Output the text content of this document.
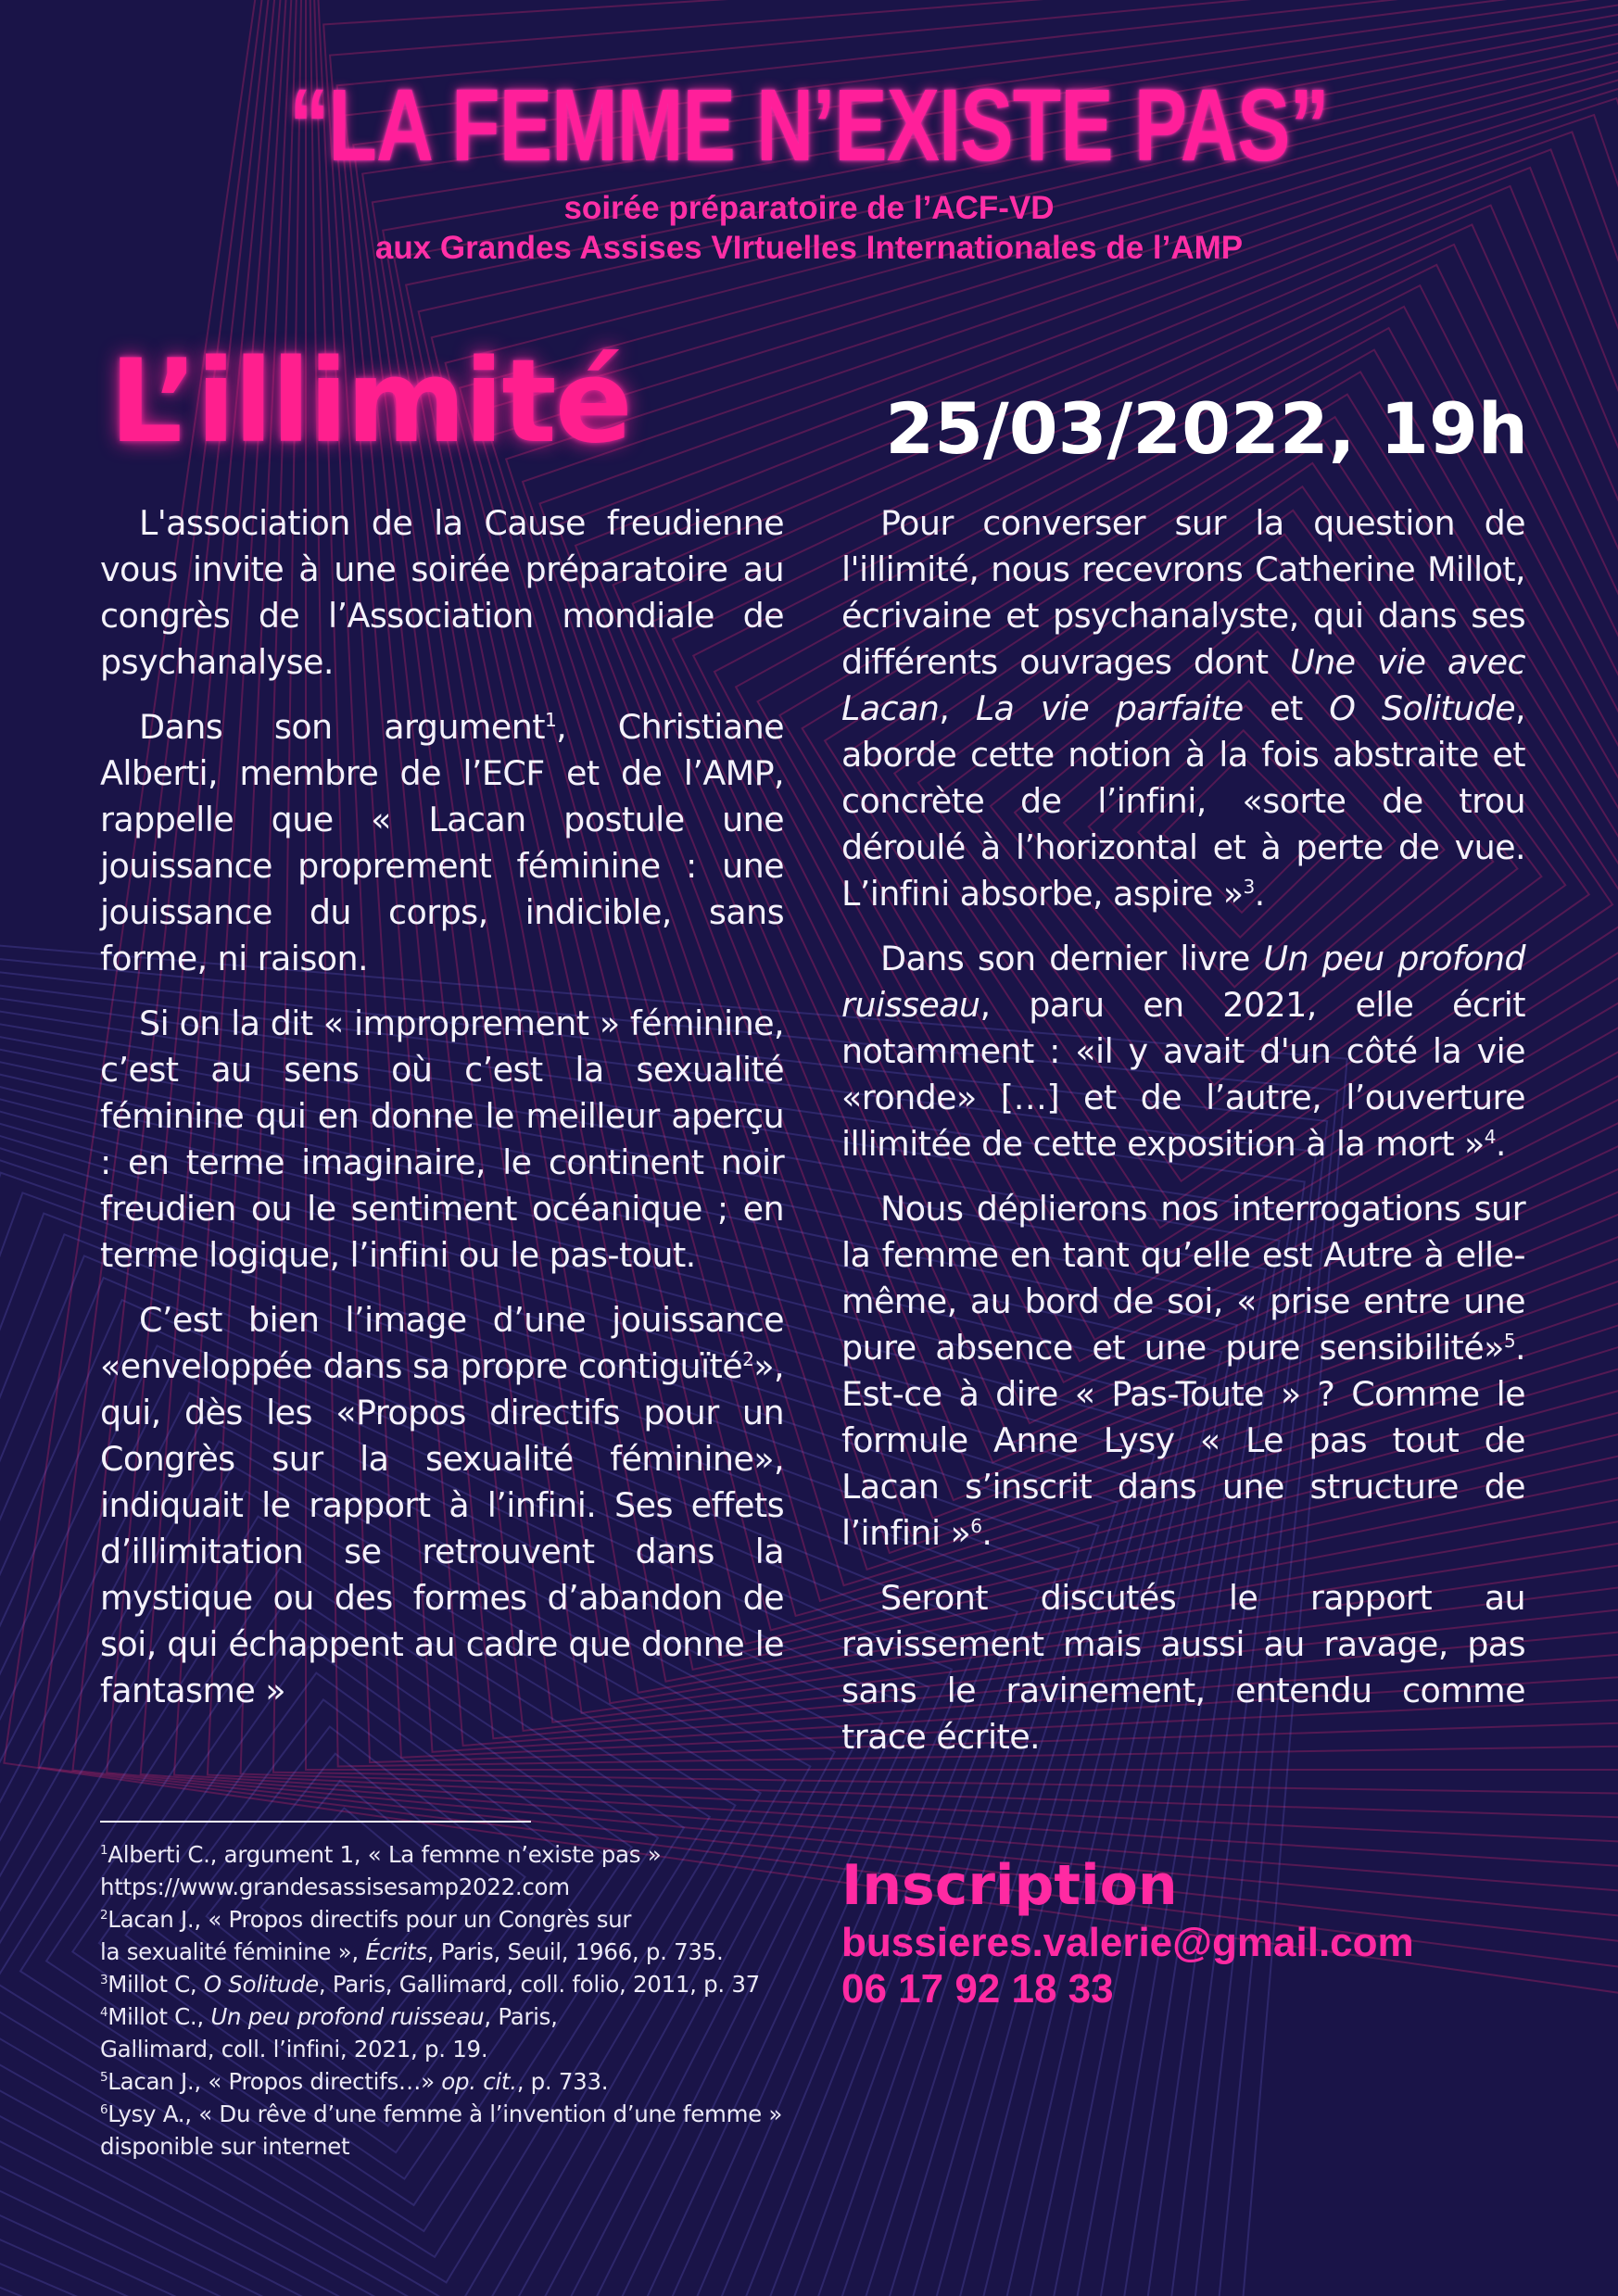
“LA FEMME N’EXISTE PAS”
soirée préparatoire de l’ACF-VD
aux Grandes Assises VIrtuelles Internationales de l’AMP
L’illimité	25/03/2022, 19h

L'association de la Cause freudienne vous invite à une soirée préparatoire au congrès de l’Association mondiale de psychanalyse.

Dans son argument$^1$, Christiane Alberti, membre de l’ECF et de l’AMP, rappelle que « Lacan postule une jouissance proprement féminine : une jouissance du corps, indicible, sans forme, ni raison.

Si on la dit « improprement » féminine, c’est au sens où c’est la sexualité féminine qui en donne le meilleur aperçu : en terme imaginaire, le continent noir freudien ou le sentiment océanique ; en terme logique, l’infini ou le pas-tout.

C’est bien l’image d’une jouissance «enveloppée dans sa propre contiguïté$^2$», qui, dès les «Propos directifs pour un Congrès sur la sexualité féminine», indiquait le rapport à l’infini. Ses effets d’illimitation se retrouvent dans la mystique ou des formes d’abandon de soi, qui échappent au cadre que donne le fantasme »

Pour converser sur la question de l'illimité, nous recevrons Catherine Millot, écrivaine et psychanalyste, qui dans ses différents ouvrages dont Une vie avec Lacan, La vie parfaite et O Solitude, aborde cette notion à la fois abstraite et concrète de l’infini, «sorte de trou déroulé à l’horizontal et à perte de vue. L’infini absorbe, aspire »$^3$.

Dans son dernier livre Un peu profond ruisseau, paru en 2021, elle écrit notamment : «il y avait d'un côté la vie «ronde» […] et de l’autre, l’ouverture illimitée de cette exposition à la mort »$^4$.

Nous déplierons nos interrogations sur la femme en tant qu’elle est Autre à elle-même, au bord de soi, « prise entre une pure absence et une pure sensibilité»$^5$. Est-ce à dire « Pas-Toute » ? Comme le formule Anne Lysy « Le pas tout de Lacan s’inscrit dans une structure de l’infini »$^6$.

Seront discutés le rapport au ravissement mais aussi au ravage, pas sans le ravinement, entendu comme trace écrite.

$^1$Alberti C., argument 1, « La femme n’existe pas »
https://www.grandesassisesamp2022.com
$^2$Lacan J., « Propos directifs pour un Congrès sur
la sexualité féminine », Écrits, Paris, Seuil, 1966, p. 735.
$^3$Millot C, O Solitude, Paris, Gallimard, coll. folio, 2011, p. 37
$^4$Millot C., Un peu profond ruisseau, Paris,
Gallimard, coll. l’infini, 2021, p. 19.
$^5$Lacan J., « Propos directifs…» op. cit., p. 733.
$^6$Lysy A., « Du rêve d’une femme à l’invention d’une femme »
disponible sur internet
Inscription
bussieres.valerie@gmail.com
06 17 92 18 33
